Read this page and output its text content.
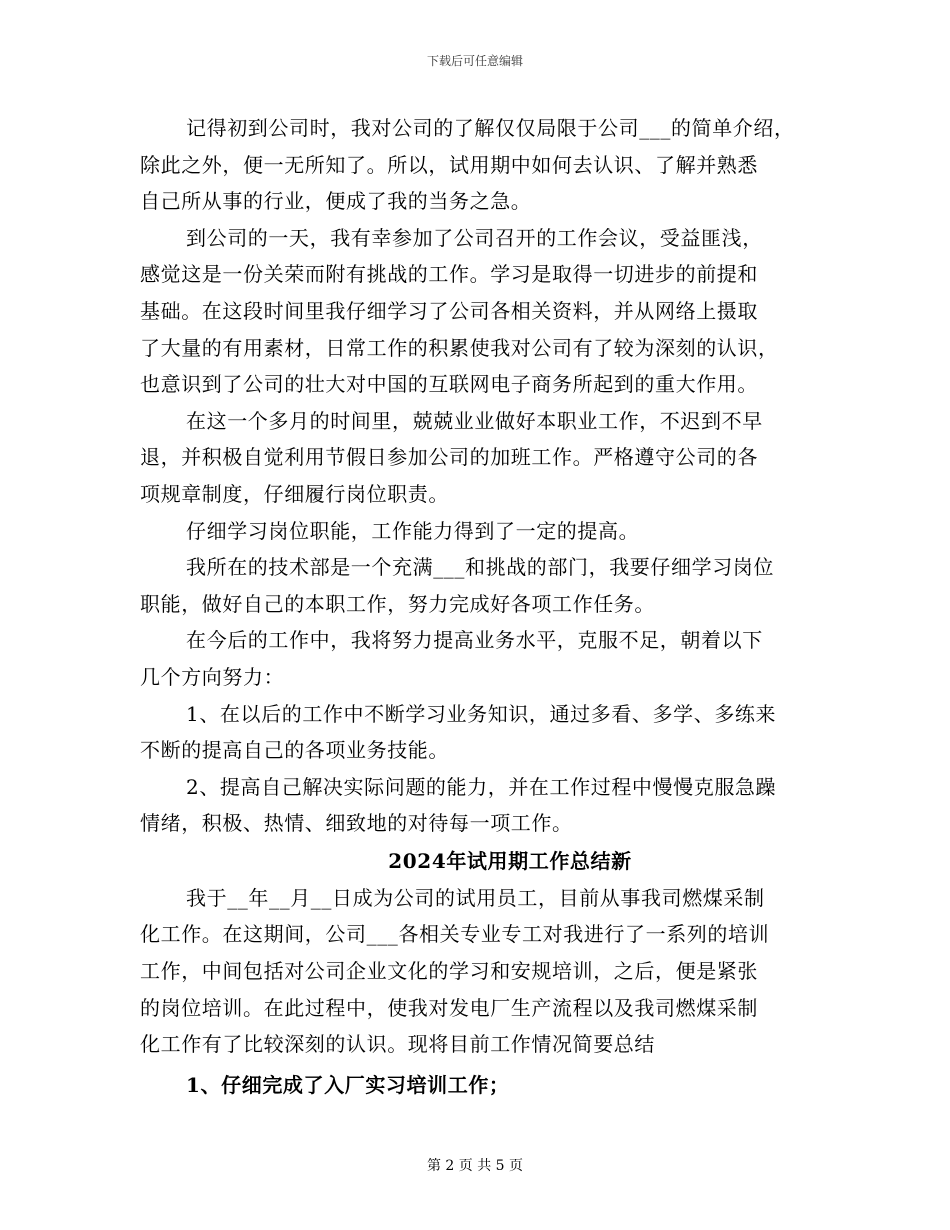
下载后可任意编辑
记得初到公司时，我对公司的了解仅仅局限于公司___的简单介绍，
除此之外，便一无所知了。所以，试用期中如何去认识、了解并熟悉
自己所从事的行业，便成了我的当务之急。
到公司的一天，我有幸参加了公司召开的工作会议，受益匪浅，
感觉这是一份关荣而附有挑战的工作。学习是取得一切进步的前提和
基础。在这段时间里我仔细学习了公司各相关资料，并从网络上摄取
了大量的有用素材，日常工作的积累使我对公司有了较为深刻的认识，
也意识到了公司的壮大对中国的互联网电子商务所起到的重大作用。
在这一个多月的时间里，兢兢业业做好本职业工作，不迟到不早
退，并积极自觉利用节假日参加公司的加班工作。严格遵守公司的各
项规章制度，仔细履行岗位职责。
仔细学习岗位职能，工作能力得到了一定的提高。
我所在的技术部是一个充满___和挑战的部门，我要仔细学习岗位
职能，做好自己的本职工作，努力完成好各项工作任务。
在今后的工作中，我将努力提高业务水平，克服不足，朝着以下
几个方向努力：
1、在以后的工作中不断学习业务知识，通过多看、多学、多练来
不断的提高自己的各项业务技能。
2、提高自己解决实际问题的能力，并在工作过程中慢慢克服急躁
情绪，积极、热情、细致地的对待每一项工作。
2024年试用期工作总结新
我于__年__月__日成为公司的试用员工，目前从事我司燃煤采制
化工作。在这期间，公司___各相关专业专工对我进行了一系列的培训
工作，中间包括对公司企业文化的学习和安规培训，之后，便是紧张
的岗位培训。在此过程中，使我对发电厂生产流程以及我司燃煤采制
化工作有了比较深刻的认识。现将目前工作情况简要总结
1、仔细完成了入厂实习培训工作；
第 2 页 共 5 页
